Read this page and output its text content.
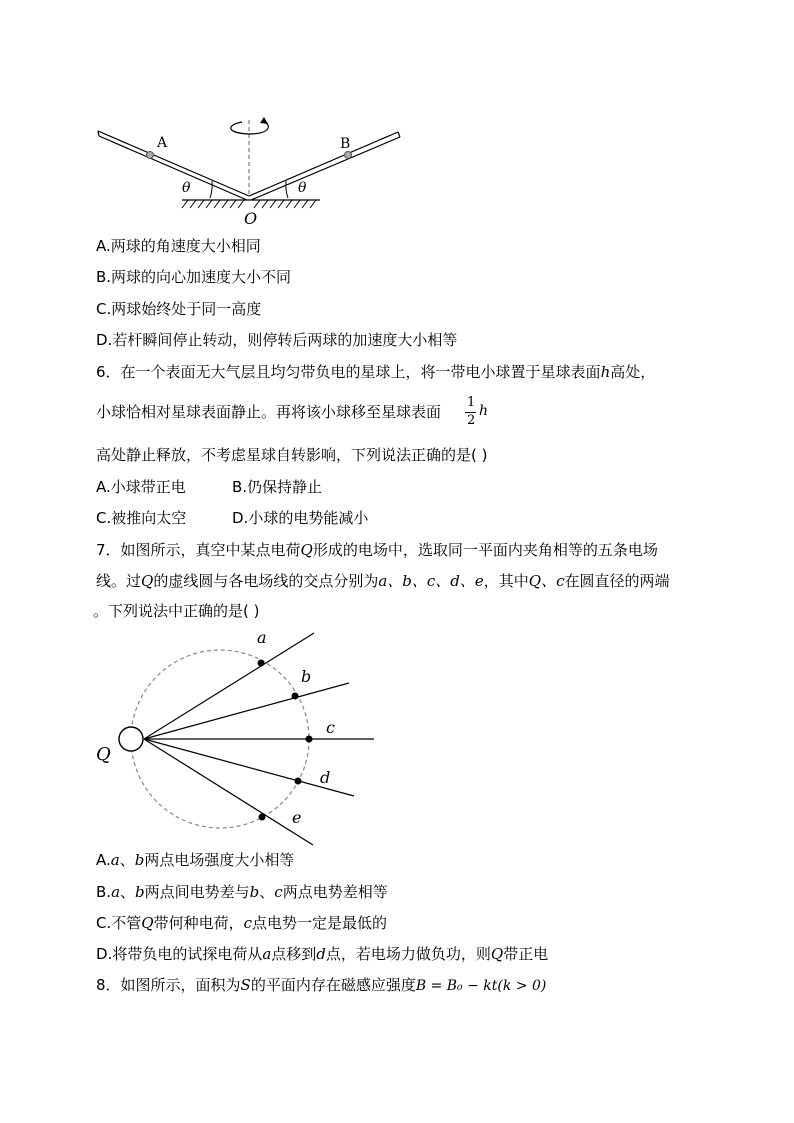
A	B
θ	θ
O
A.两球的角速度大小相同
B.两球的向心加速度大小不同
C.两球始终处于同一高度
D.若杆瞬间停止转动，则停转后两球的加速度大小相等
6．在一个表面无大气层且均匀带负电的星球上，将一带电小球置于星球表面h高处，
小球恰相对星球表面静止。再将该小球移至星球表面
1
2
h
高处静止释放，不考虑星球自转影响，下列说法正确的是( )
A.小球带正电	B.仍保持静止
C.被推向太空	D.小球的电势能减小
7．如图所示，真空中某点电荷Q形成的电场中，选取同一平面内夹角相等的五条电场
线。过Q的虚线圆与各电场线的交点分别为a、b、c、d、e，其中Q、c在圆直径的两端
。下列说法中正确的是( )
Q
a
b
c
d
e
A.a、b两点电场强度大小相等
B.a、b两点间电势差与b、c两点电势差相等
C.不管Q带何种电荷，c点电势一定是最低的
D.将带负电的试探电荷从a点移到d点，若电场力做负功，则Q带正电
8．如图所示，面积为S的平面内存在磁感应强度B = B₀ − kt(k > 0)
